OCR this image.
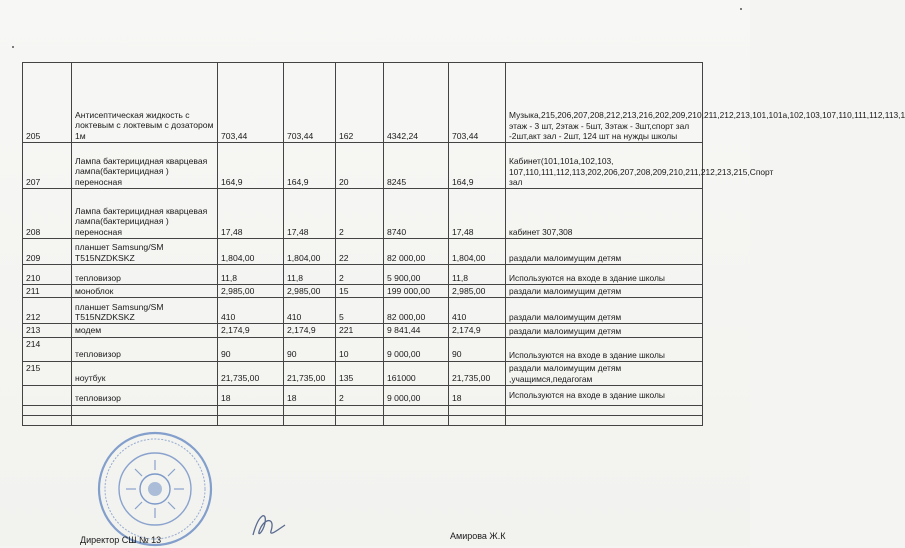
205	Антисептическая жидкость с локтевым с локтевым с дозатором 1м	703,44	703,44	162	4342,24	703,44	Музыка,215,206,207,208,212,213,216,202,209,210,211,212,213,101,101а,102,103,107,110,111,112,113,1 этаж - 3 шт, 2этаж - 5шт, 3этаж - 3шт,спорт зал -2шт,акт зал - 2шт, 124 шт на нужды школы
207	Лампа бактерицидная кварцевая лампа(бактерицидная ) переносная	164,9	164,9	20	8245	164,9	Кабинет(101,101а,102,103, 107,110,111,112,113,202,206,207,208,209,210,211,212,213,215,Спорт зал
208	Лампа бактерицидная кварцевая лампа(бактерицидная ) переносная	17,48	17,48	2	8740	17,48	кабинет 307,308
209	планшет Samsung/SM T515NZDKSKZ	1,804,00	1,804,00	22	82 000,00	1,804,00	раздали малоимущим детям
210	тепловизор	11,8	11,8	2	5 900,00	11,8	Используются на входе в здание школы
211	моноблок	2,985,00	2,985,00	15	199 000,00	2,985,00	раздали малоимущим детям
212	планшет Samsung/SM T515NZDKSKZ	410	410	5	82 000,00	410	раздали малоимущим детям
213	модем	2,174,9	2,174,9	221	9 841,44	2,174,9	раздали малоимущим детям
214	тепловизор	90	90	10	9 000,00	90	Используются на входе в здание школы
215	ноутбук	21,735,00	21,735,00	135	161000	21,735,00	раздали малоимущим детям ,учащимся,педагогам
	тепловизор	18	18	2	9 000,00	18	Используются на входе в здание школы

Директор СШ № 13	Амирова Ж.К
